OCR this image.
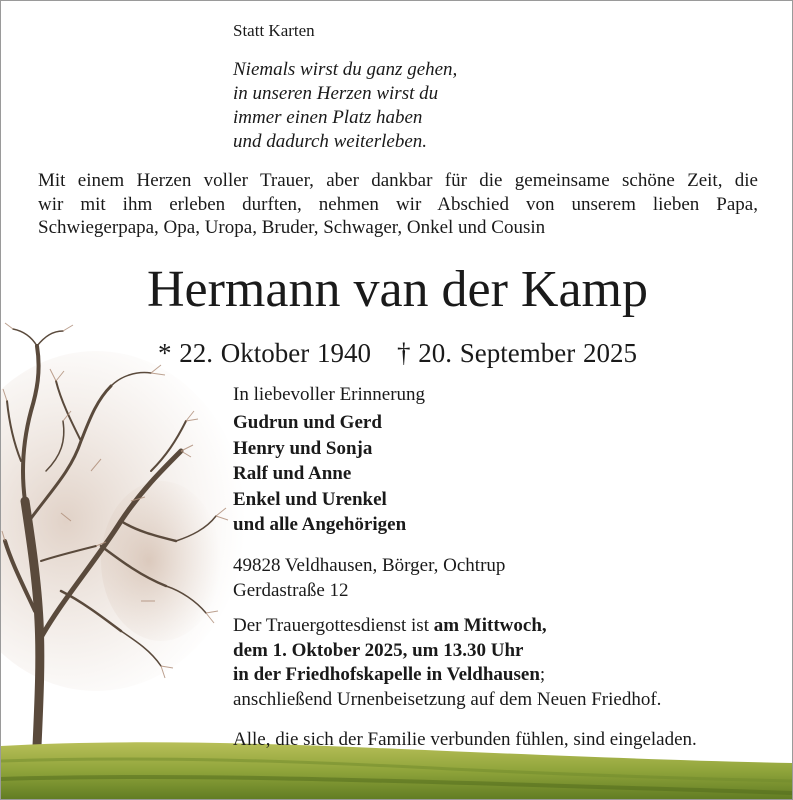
Statt Karten
Niemals wirst du ganz gehen,
in unseren Herzen wirst du
immer einen Platz haben
und dadurch weiterleben.
Mit einem Herzen voller Trauer, aber dankbar für die gemeinsame schöne Zeit, die
wir mit ihm erleben durften, nehmen wir Abschied von unserem lieben Papa,
Schwiegerpapa, Opa, Uropa, Bruder, Schwager, Onkel und Cousin
Hermann van der Kamp
* 22. Oktober 1940 † 20. September 2025
In liebevoller Erinnerung
Gudrun und Gerd
Henry und Sonja
Ralf und Anne
Enkel und Urenkel
und alle Angehörigen
49828 Veldhausen, Börger, Ochtrup
Gerdastraße 12
Der Trauergottesdienst ist am Mittwoch,
dem 1. Oktober 2025, um 13.30 Uhr
in der Friedhofskapelle in Veldhausen;
anschließend Urnenbeisetzung auf dem Neuen Friedhof.
Alle, die sich der Familie verbunden fühlen, sind eingeladen.
